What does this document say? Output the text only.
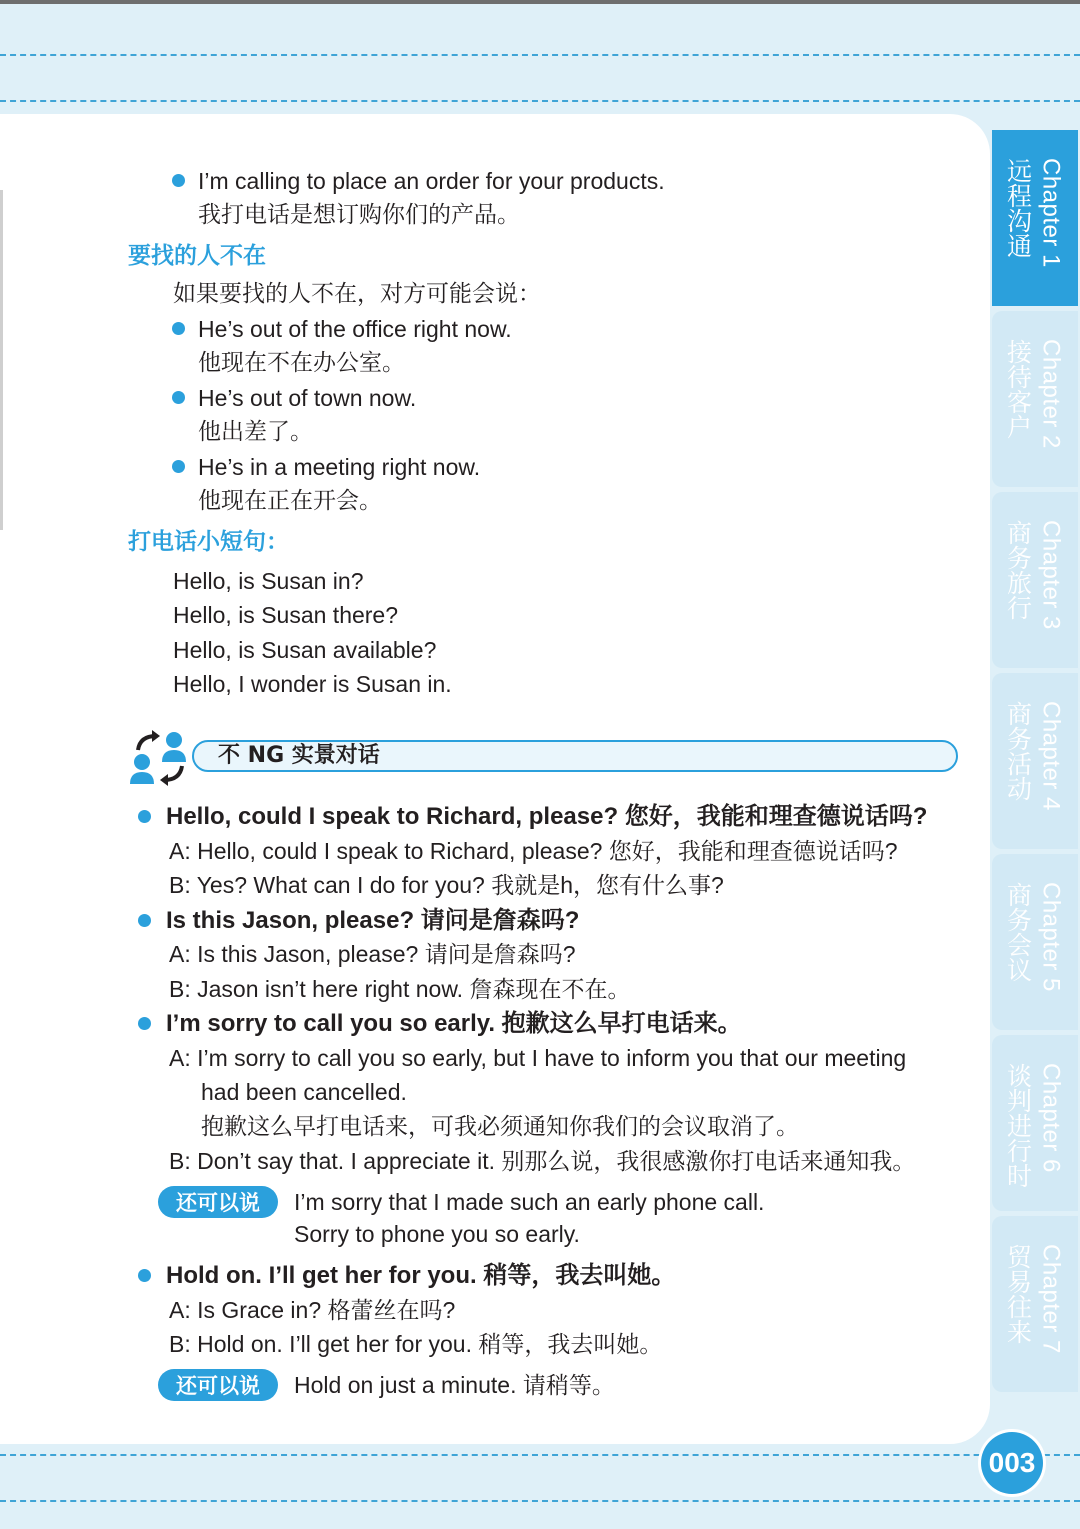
Chapter 1
远程沟通
Chapter 2
接待客户
Chapter 3
商务旅行
Chapter 4
商务活动
Chapter 5
商务会议
Chapter 6
谈判进行时
Chapter 7
贸易往来
003
I’m calling to place an order for your products.
我打电话是想订购你们的产品。
要找的人不在
如果要找的人不在，对方可能会说：
He’s out of the office right now.
他现在不在办公室。
He’s out of town now.
他出差了。
He’s in a meeting right now.
他现在正在开会。
打电话小短句：
Hello, is Susan in?
Hello, is Susan there?
Hello, is Susan available?
Hello, I wonder is Susan in.
不 NG 实景对话
Hello, could I speak to Richard, please? 您好，我能和理查德说话吗?
A: Hello, could I speak to Richard, please? 您好，我能和理查德说话吗?
B: Yes? What can I do for you? 我就是h，您有什么事?
Is this Jason, please? 请问是詹森吗?
A: Is this Jason, please? 请问是詹森吗?
B: Jason isn’t here right now. 詹森现在不在。
I’m sorry to call you so early. 抱歉这么早打电话来。
A: I’m sorry to call you so early, but I have to inform you that our meeting
had been cancelled.
抱歉这么早打电话来，可我必须通知你我们的会议取消了。
B: Don’t say that. I appreciate it. 别那么说，我很感激你打电话来通知我。
还可以说	I’m sorry that I made such an early phone call.
Sorry to phone you so early.
Hold on. I’ll get her for you. 稍等，我去叫她。
A: Is Grace in? 格蕾丝在吗?
B: Hold on. I’ll get her for you. 稍等，我去叫她。
还可以说	Hold on just a minute. 请稍等。
